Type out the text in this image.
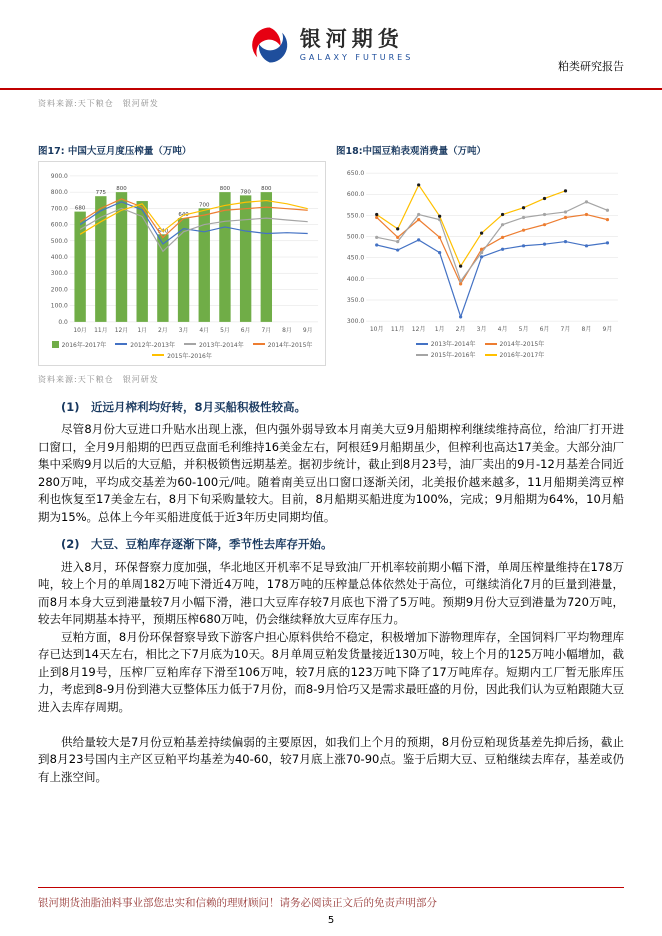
银河期货
GALAXY FUTURES
粕类研究报告
资料来源:天下粮仓　银河研发
图17: 中国大豆月度压榨量（万吨）
0.0
100.0
200.0
300.0
400.0
500.0
600.0
700.0
800.0
900.0
10月 11月 12月 1月 2月 3月 4月 5月 6月 7月 8月 9月
680
775
800
540
640
700
800
780
800
2016年-2017年	2012年-2013年	2013年-2014年	2014年-2015年
2015年-2016年
图18:中国豆粕表观消费量（万吨）
300.0
350.0
400.0
450.0
500.0
550.0
600.0
650.0
10月 11月 12月 1月 2月 3月 4月 5月 6月 7月 8月 9月
2013年-2014年	2014年-2015年
2015年-2016年	2016年-2017年
资料来源:天下粮仓　银河研发
(1)　近远月榨利均好转，8月买船积极性较高。

尽管8月份大豆进口升贴水出现上涨，但内强外弱导致本月南美大豆9月船期榨利继续维持高位，给油厂打开进口窗口，全月9月船期的巴西豆盘面毛利维持16美金左右，阿根廷9月船期虽少，但榨利也高达17美金。大部分油厂集中采购9月以后的大豆船，并积极锁售远期基差。据初步统计，截止到8月23号，油厂卖出的9月-12月基差合同近280万吨，平均成交基差为60-100元/吨。随着南美豆出口窗口逐渐关闭，北美报价越来越多，11月船期美湾豆榨利也恢复至17美金左右，8月下旬采购量较大。目前，8月船期买船进度为100%，完成；9月船期为64%，10月船期为15%。总体上今年买船进度低于近3年历史同期均值。

(2)　大豆、豆粕库存逐渐下降，季节性去库存开始。

进入8月，环保督察力度加强，华北地区开机率不足导致油厂开机率较前期小幅下滑，单周压榨量维持在178万吨，较上个月的单周182万吨下滑近4万吨，178万吨的压榨量总体依然处于高位，可继续消化7月的巨量到港量，而8月本身大豆到港量较7月小幅下滑，港口大豆库存较7月底也下滑了5万吨。预期9月份大豆到港量为720万吨，较去年同期基本持平，预期压榨680万吨，仍会继续释放大豆库存压力。

豆粕方面，8月份环保督察导致下游客户担心原料供给不稳定，积极增加下游物理库存，全国饲料厂平均物理库存已达到14天左右，相比之下7月底为10天。8月单周豆粕发货量接近130万吨，较上个月的125万吨小幅增加，截止到8月19号，压榨厂豆粕库存下滑至106万吨，较7月底的123万吨下降了17万吨库存。短期内工厂暂无胀库压力，考虑到8-9月份到港大豆整体压力低于7月份，而8-9月恰巧又是需求最旺盛的月份，因此我们认为豆粕跟随大豆进入去库存周期。

供给量较大是7月份豆粕基差持续偏弱的主要原因，如我们上个月的预期，8月份豆粕现货基差先抑后扬，截止到8月23号国内主产区豆粕平均基差为40-60，较7月底上涨70-90点。鉴于后期大豆、豆粕继续去库存，基差或仍有上涨空间。

银河期货油脂油料事业部您忠实和信赖的理财顾问！请务必阅读正文后的免责声明部分
5
